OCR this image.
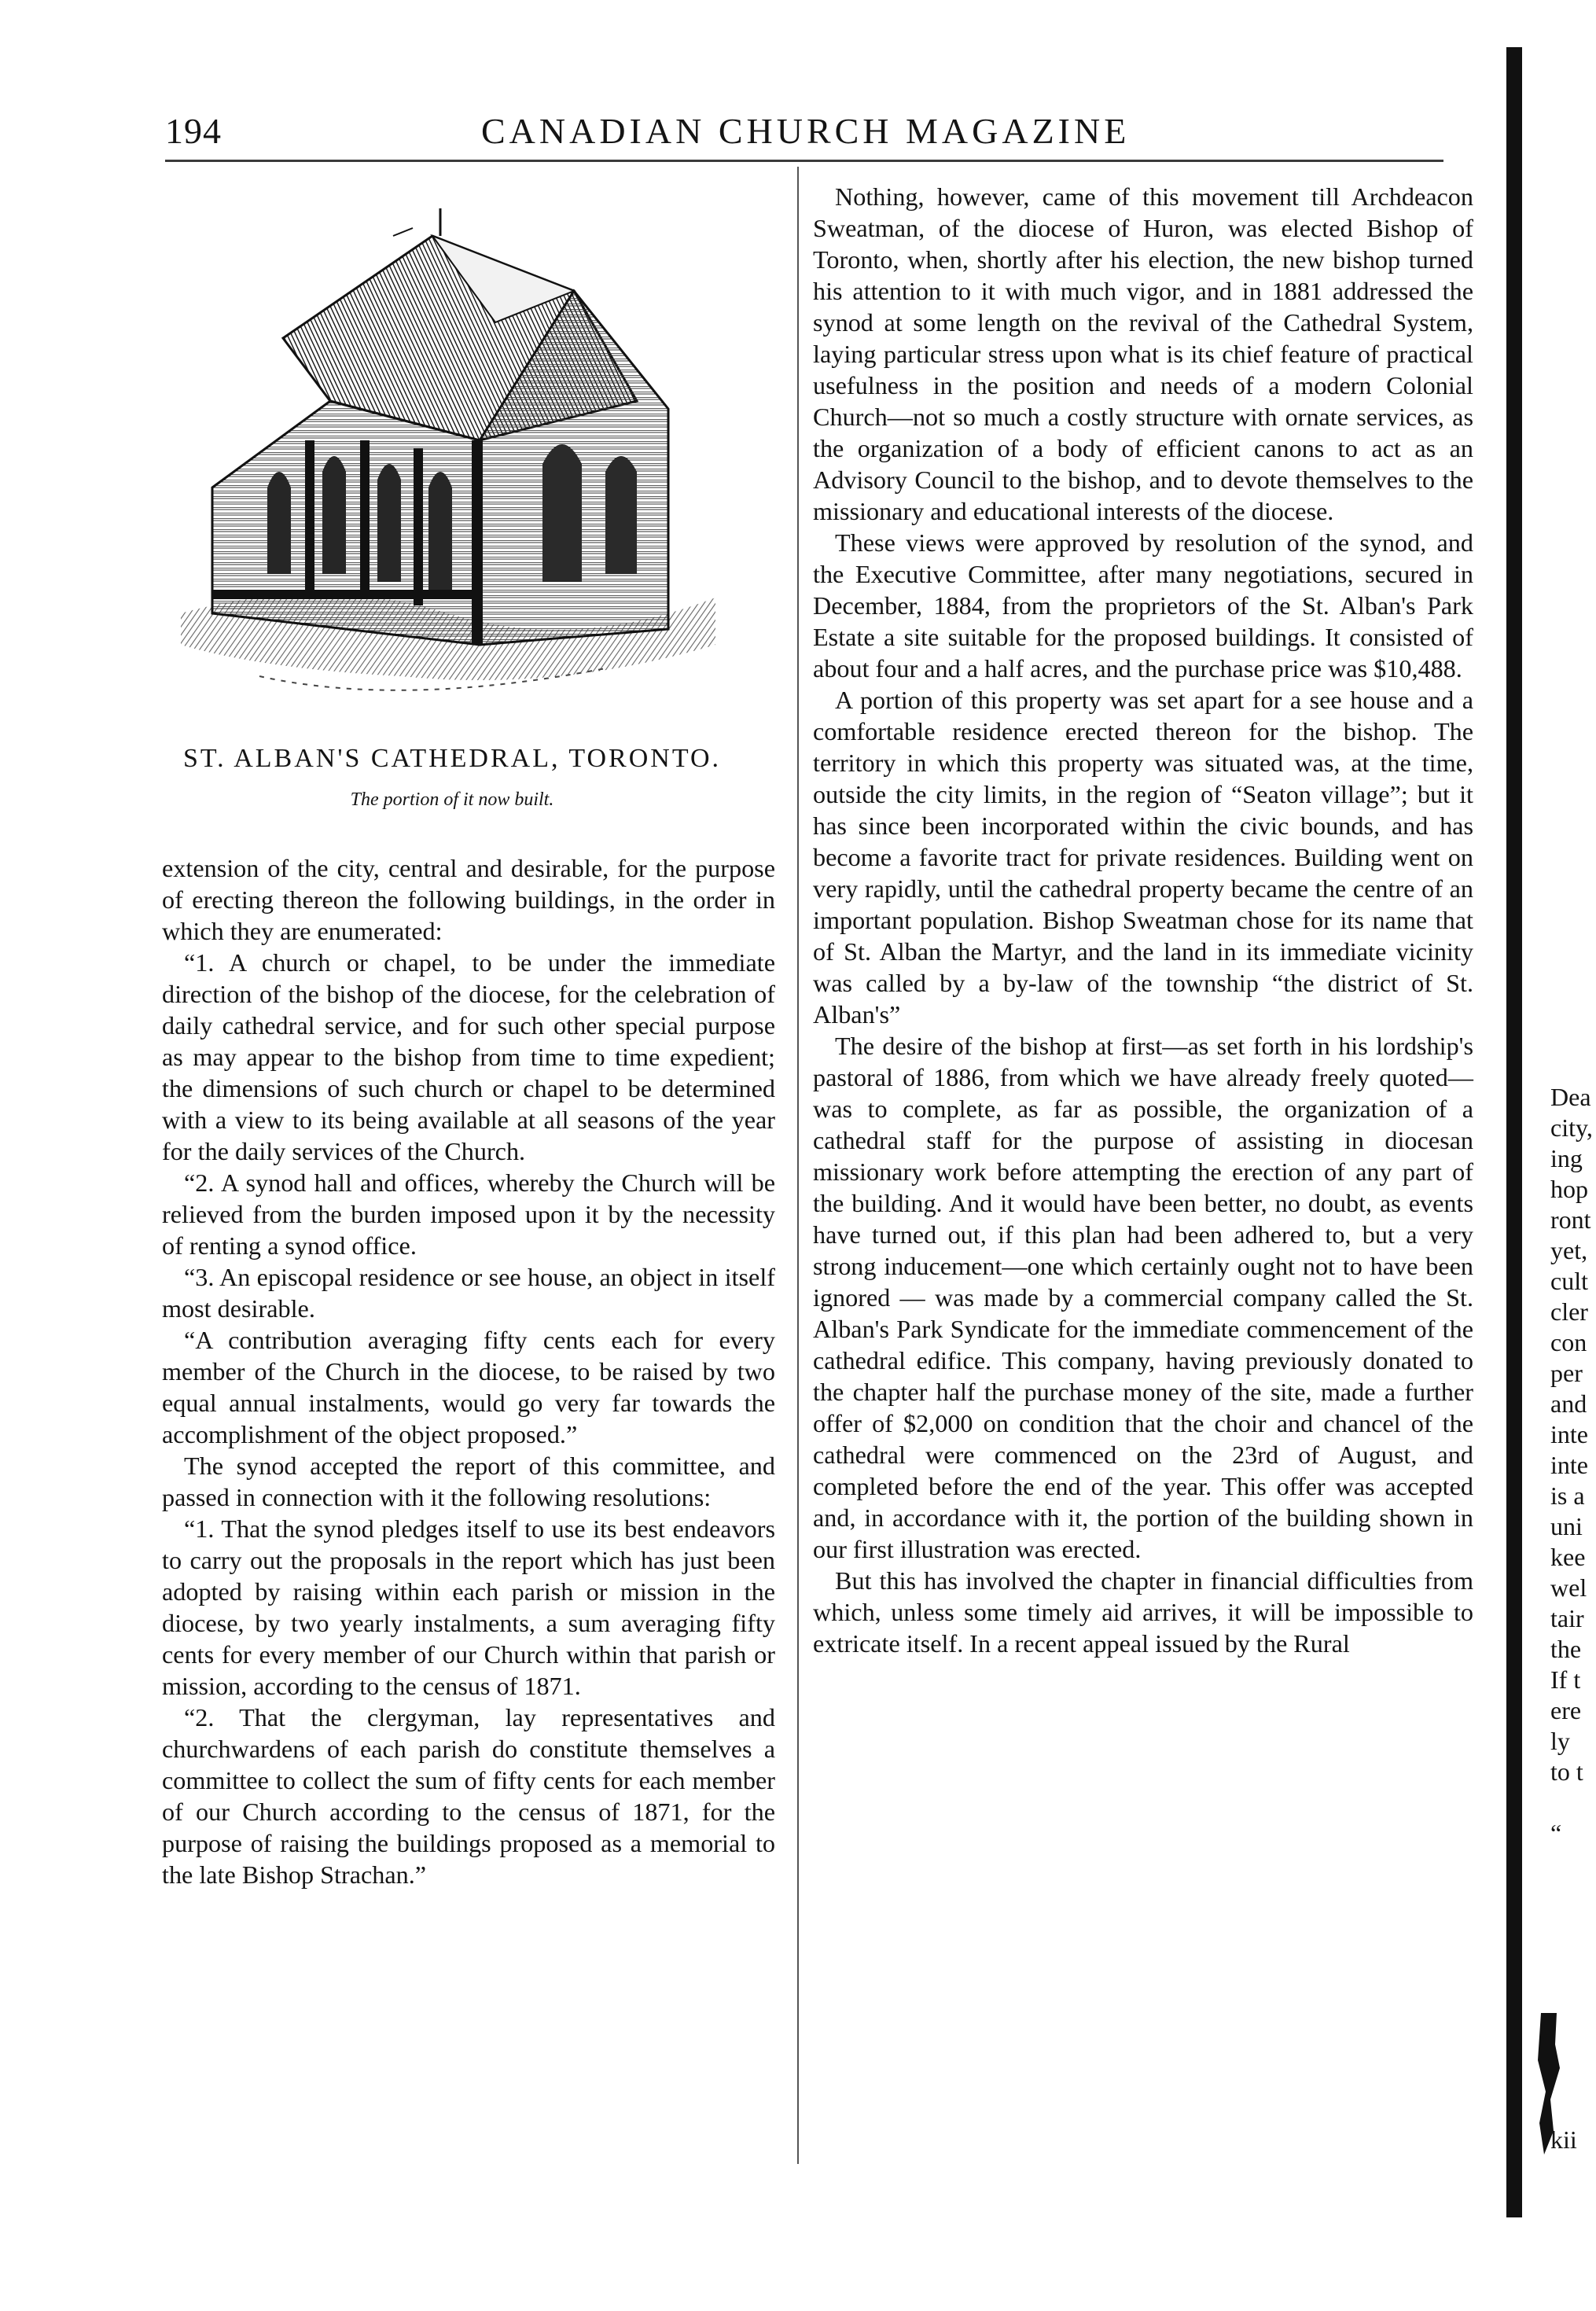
194	CANADIAN CHURCH MAGAZINE
ST. ALBAN'S CATHEDRAL, TORONTO.
The portion of it now built.

extension of the city, central and desirable, for the purpose of erecting thereon the following buildings, in the order in which they are enumerated:

“1. A church or chapel, to be under the immediate direction of the bishop of the diocese, for the celebration of daily cathedral service, and for such other special purpose as may appear to the bishop from time to time expedient; the dimensions of such church or chapel to be determined with a view to its being available at all seasons of the year for the daily services of the Church.

“2. A synod hall and offices, whereby the Church will be relieved from the burden imposed upon it by the necessity of renting a synod office.

“3. An episcopal residence or see house, an object in itself most desirable.

“A contribution averaging fifty cents each for every member of the Church in the diocese, to be raised by two equal annual instalments, would go very far towards the accomplishment of the object proposed.”

The synod accepted the report of this committee, and passed in connection with it the following resolutions:

“1. That the synod pledges itself to use its best endeavors to carry out the proposals in the report which has just been adopted by raising within each parish or mission in the diocese, by two yearly instalments, a sum averaging fifty cents for every member of our Church within that parish or mission, according to the census of 1871.

“2. That the clergyman, lay representatives and churchwardens of each parish do constitute themselves a committee to collect the sum of fifty cents for each member of our Church according to the census of 1871, for the purpose of raising the buildings proposed as a memorial to the late Bishop Strachan.”

Nothing, however, came of this movement till Archdeacon Sweatman, of the diocese of Huron, was elected Bishop of Toronto, when, shortly after his election, the new bishop turned his attention to it with much vigor, and in 1881 addressed the synod at some length on the revival of the Cathedral System, laying particular stress upon what is its chief feature of practical usefulness in the position and needs of a modern Colonial Church—not so much a costly structure with ornate services, as the organization of a body of efficient canons to act as an Advisory Council to the bishop, and to devote themselves to the missionary and educational interests of the diocese.

These views were approved by resolution of the synod, and the Executive Committee, after many negotiations, secured in December, 1884, from the proprietors of the St. Alban's Park Estate a site suitable for the proposed buildings. It consisted of about four and a half acres, and the purchase price was $10,488.

A portion of this property was set apart for a see house and a comfortable residence erected thereon for the bishop. The territory in which this property was situated was, at the time, outside the city limits, in the region of “Seaton village”; but it has since been incorporated within the civic bounds, and has become a favorite tract for private residences. Building went on very rapidly, until the cathedral property became the centre of an important population. Bishop Sweatman chose for its name that of St. Alban the Martyr, and the land in its immediate vicinity was called by a by-law of the township “the district of St. Alban's”

The desire of the bishop at first—as set forth in his lordship's pastoral of 1886, from which we have already freely quoted—was to complete, as far as possible, the organization of a cathedral staff for the purpose of assisting in diocesan missionary work before attempting the erection of any part of the building. And it would have been better, no doubt, as events have turned out, if this plan had been adhered to, but a very strong inducement—one which certainly ought not to have been ignored — was made by a commercial company called the St. Alban's Park Syndicate for the immediate commencement of the cathedral edifice. This company, having previously donated to the chapter half the purchase money of the site, made a further offer of $2,000 on condition that the choir and chancel of the cathedral were commenced on the 23rd of August, and completed before the end of the year. This offer was accepted and, in accordance with it, the portion of the building shown in our first illustration was erected.

But this has involved the chapter in financial difficulties from which, unless some timely aid arrives, it will be impossible to extricate itself. In a recent appeal issued by the Rural

Dea
city,
ing
hop
ront
yet,
cult
cler
con
per
and
inte
inte
is a
uni
kee
wel
tair
the
If t
ere
ly
to t
“
kii
